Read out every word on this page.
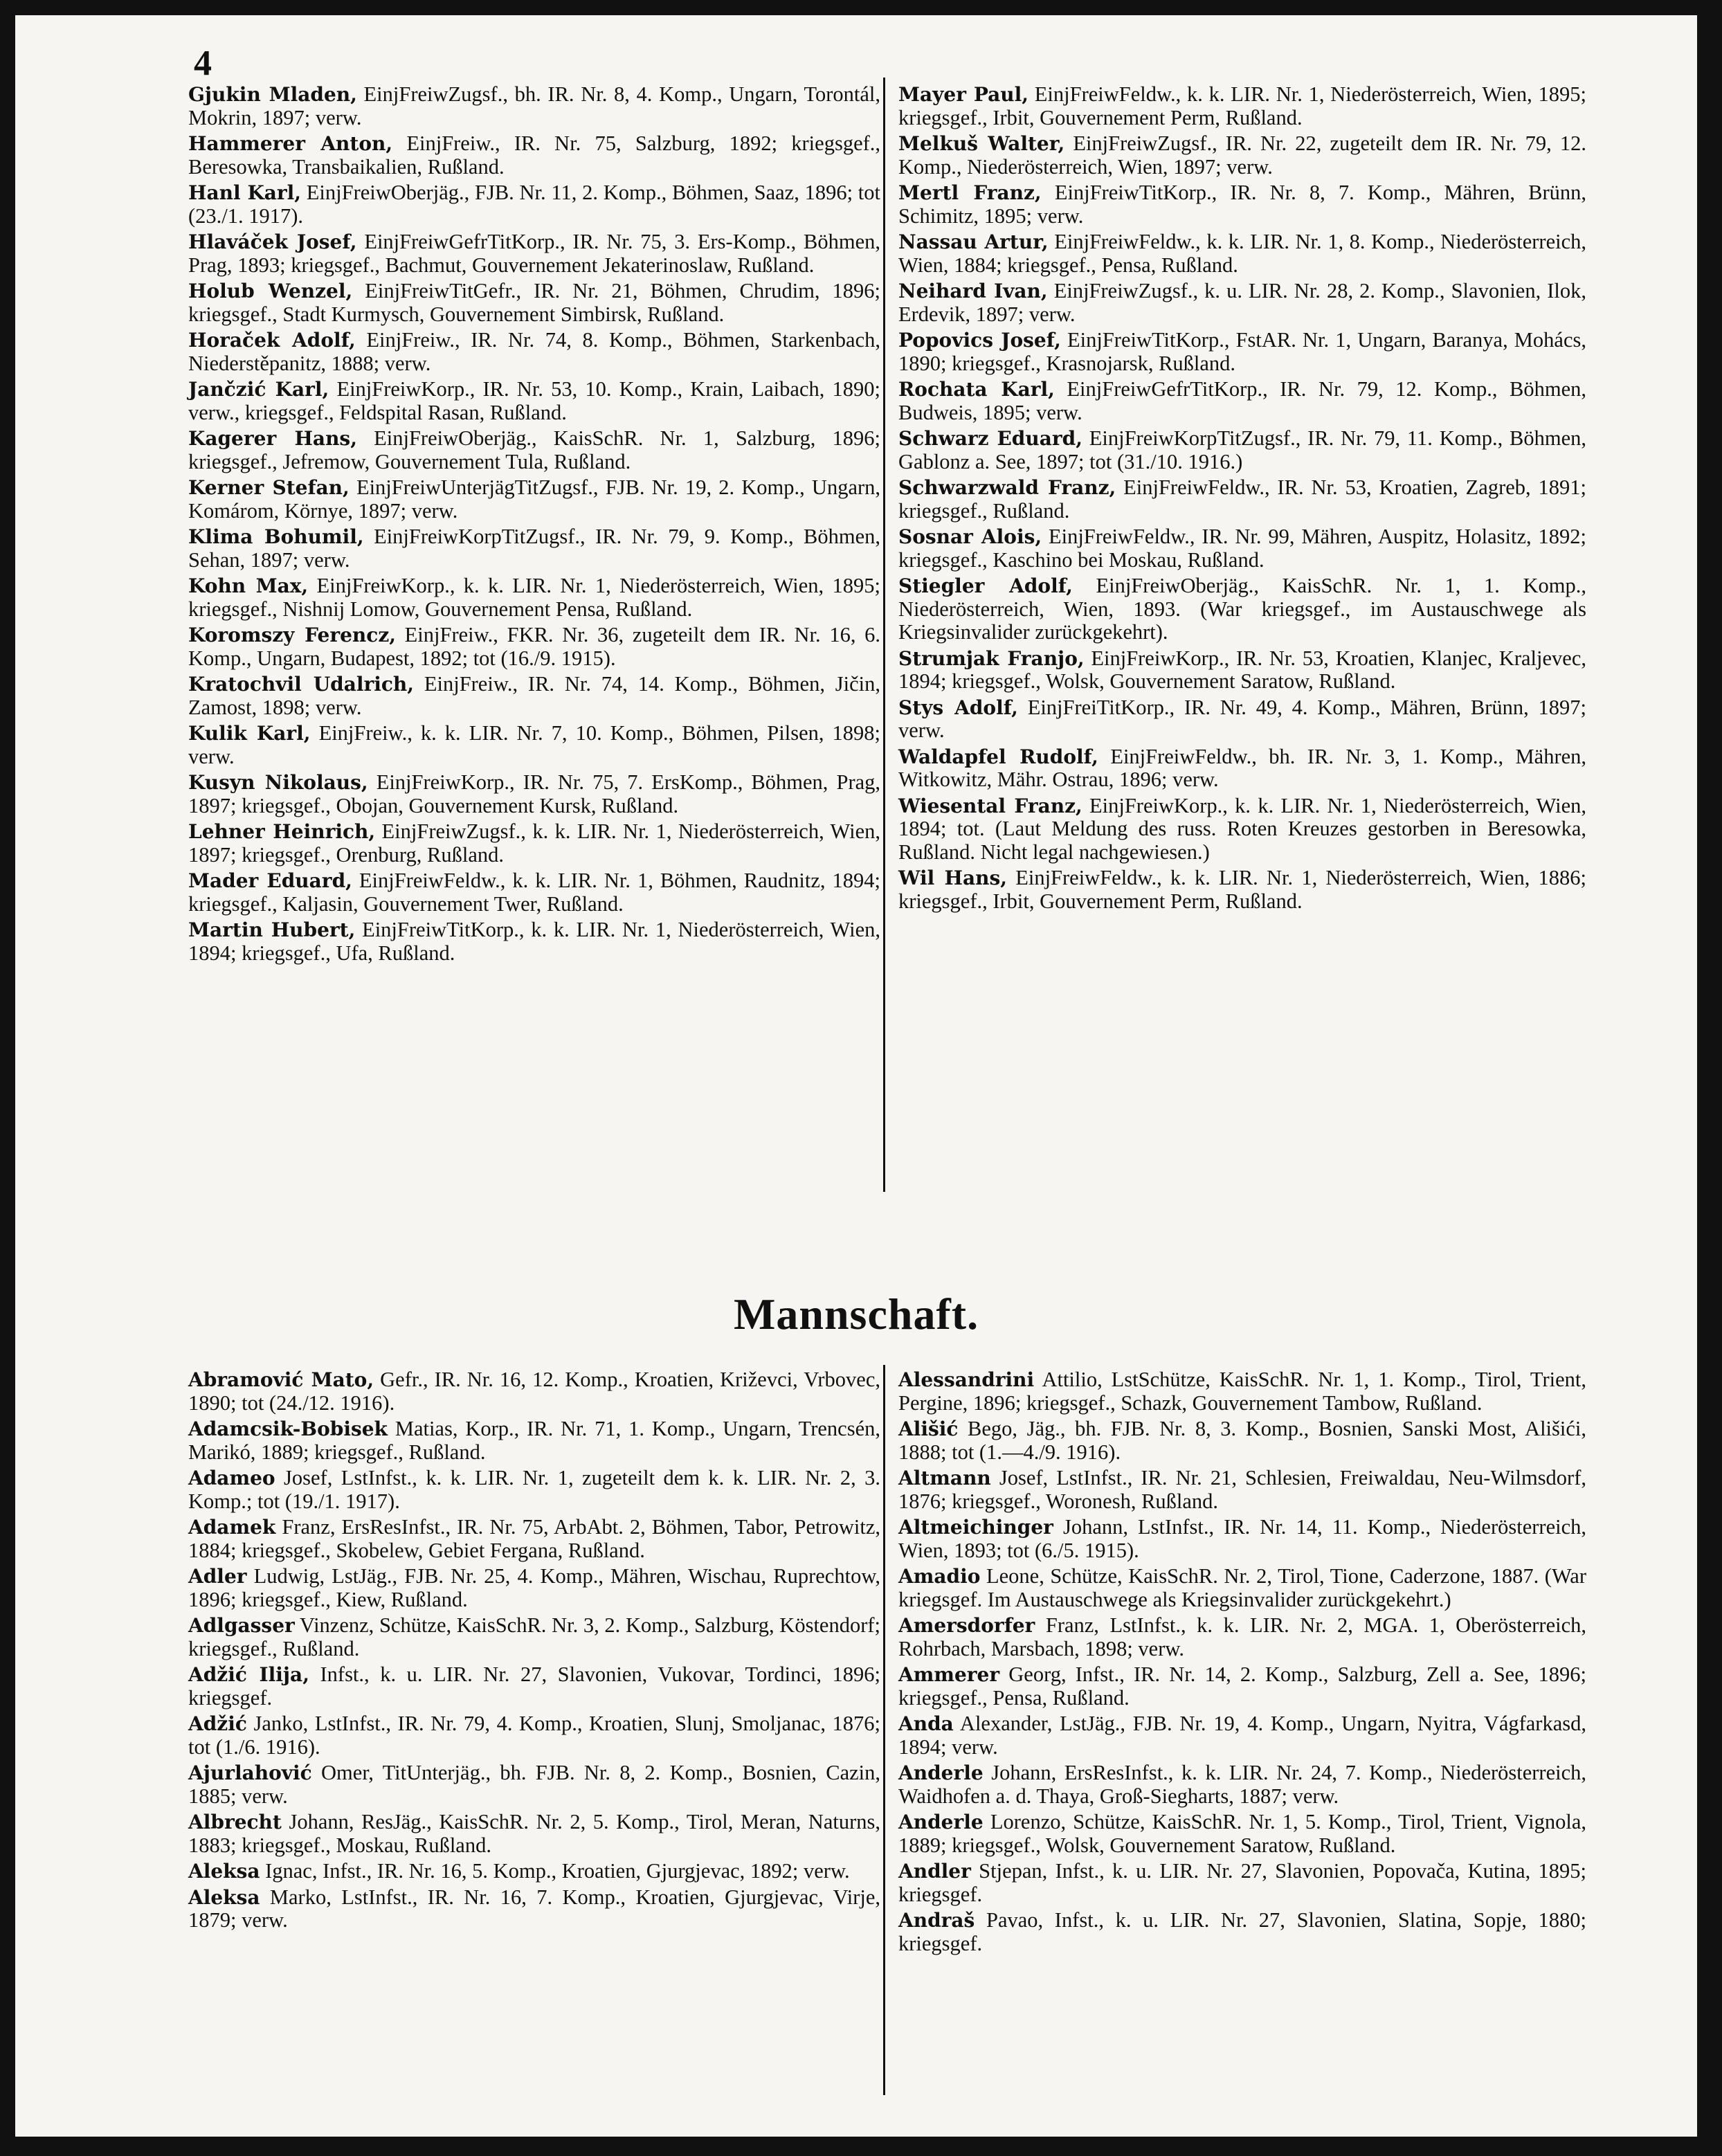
4
Gjukin Mladen, EinjFreiwZugsf., bh. IR. Nr. 8, 4. Komp., Ungarn, Torontál, Mokrin, 1897; verw.
Hammerer Anton, EinjFreiw., IR. Nr. 75, Salzburg, 1892; kriegsgef., Beresowka, Transbaikalien, Rußland.
Hanl Karl, EinjFreiwOberjäg., FJB. Nr. 11, 2. Komp., Böhmen, Saaz, 1896; tot (23./1. 1917).
Hlaváček Josef, EinjFreiwGefrTitKorp., IR. Nr. 75, 3. Ers-Komp., Böhmen, Prag, 1893; kriegsgef., Bachmut, Gouvernement Jekaterinoslaw, Rußland.
Holub Wenzel, EinjFreiwTitGefr., IR. Nr. 21, Böhmen, Chrudim, 1896; kriegsgef., Stadt Kurmysch, Gouvernement Simbirsk, Rußland.
Horaček Adolf, EinjFreiw., IR. Nr. 74, 8. Komp., Böhmen, Starkenbach, Niederstěpanitz, 1888; verw.
Jančzić Karl, EinjFreiwKorp., IR. Nr. 53, 10. Komp., Krain, Laibach, 1890; verw., kriegsgef., Feldspital Rasan, Rußland.
Kagerer Hans, EinjFreiwOberjäg., KaisSchR. Nr. 1, Salzburg, 1896; kriegsgef., Jefremow, Gouvernement Tula, Rußland.
Kerner Stefan, EinjFreiwUnterjägTitZugsf., FJB. Nr. 19, 2. Komp., Ungarn, Komárom, Környe, 1897; verw.
Klima Bohumil, EinjFreiwKorpTitZugsf., IR. Nr. 79, 9. Komp., Böhmen, Sehan, 1897; verw.
Kohn Max, EinjFreiwKorp., k. k. LIR. Nr. 1, Niederösterreich, Wien, 1895; kriegsgef., Nishnij Lomow, Gouvernement Pensa, Rußland.
Koromszy Ferencz, EinjFreiw., FKR. Nr. 36, zugeteilt dem IR. Nr. 16, 6. Komp., Ungarn, Budapest, 1892; tot (16./9. 1915).
Kratochvil Udalrich, EinjFreiw., IR. Nr. 74, 14. Komp., Böhmen, Jičin, Zamost, 1898; verw.
Kulik Karl, EinjFreiw., k. k. LIR. Nr. 7, 10. Komp., Böhmen, Pilsen, 1898; verw.
Kusyn Nikolaus, EinjFreiwKorp., IR. Nr. 75, 7. ErsKomp., Böhmen, Prag, 1897; kriegsgef., Obojan, Gouvernement Kursk, Rußland.
Lehner Heinrich, EinjFreiwZugsf., k. k. LIR. Nr. 1, Niederösterreich, Wien, 1897; kriegsgef., Orenburg, Rußland.
Mader Eduard, EinjFreiwFeldw., k. k. LIR. Nr. 1, Böhmen, Raudnitz, 1894; kriegsgef., Kaljasin, Gouvernement Twer, Rußland.
Martin Hubert, EinjFreiwTitKorp., k. k. LIR. Nr. 1, Niederösterreich, Wien, 1894; kriegsgef., Ufa, Rußland.
Mayer Paul, EinjFreiwFeldw., k. k. LIR. Nr. 1, Niederösterreich, Wien, 1895; kriegsgef., Irbit, Gouvernement Perm, Rußland.
Melkuš Walter, EinjFreiwZugsf., IR. Nr. 22, zugeteilt dem IR. Nr. 79, 12. Komp., Niederösterreich, Wien, 1897; verw.
Mertl Franz, EinjFreiwTitKorp., IR. Nr. 8, 7. Komp., Mähren, Brünn, Schimitz, 1895; verw.
Nassau Artur, EinjFreiwFeldw., k. k. LIR. Nr. 1, 8. Komp., Niederösterreich, Wien, 1884; kriegsgef., Pensa, Rußland.
Neihard Ivan, EinjFreiwZugsf., k. u. LIR. Nr. 28, 2. Komp., Slavonien, Ilok, Erdevik, 1897; verw.
Popovics Josef, EinjFreiwTitKorp., FstAR. Nr. 1, Ungarn, Baranya, Mohács, 1890; kriegsgef., Krasnojarsk, Rußland.
Rochata Karl, EinjFreiwGefrTitKorp., IR. Nr. 79, 12. Komp., Böhmen, Budweis, 1895; verw.
Schwarz Eduard, EinjFreiwKorpTitZugsf., IR. Nr. 79, 11. Komp., Böhmen, Gablonz a. See, 1897; tot (31./10. 1916.)
Schwarzwald Franz, EinjFreiwFeldw., IR. Nr. 53, Kroatien, Zagreb, 1891; kriegsgef., Rußland.
Sosnar Alois, EinjFreiwFeldw., IR. Nr. 99, Mähren, Auspitz, Holasitz, 1892; kriegsgef., Kaschino bei Moskau, Rußland.
Stiegler Adolf, EinjFreiwOberjäg., KaisSchR. Nr. 1, 1. Komp., Niederösterreich, Wien, 1893. (War kriegsgef., im Austauschwege als Kriegsinvalider zurückgekehrt).
Strumjak Franjo, EinjFreiwKorp., IR. Nr. 53, Kroatien, Klanjec, Kraljevec, 1894; kriegsgef., Wolsk, Gouvernement Saratow, Rußland.
Stys Adolf, EinjFreiTitKorp., IR. Nr. 49, 4. Komp., Mähren, Brünn, 1897; verw.
Waldapfel Rudolf, EinjFreiwFeldw., bh. IR. Nr. 3, 1. Komp., Mähren, Witkowitz, Mähr. Ostrau, 1896; verw.
Wiesental Franz, EinjFreiwKorp., k. k. LIR. Nr. 1, Niederösterreich, Wien, 1894; tot. (Laut Meldung des russ. Roten Kreuzes gestorben in Beresowka, Rußland. Nicht legal nachgewiesen.)
Wil Hans, EinjFreiwFeldw., k. k. LIR. Nr. 1, Niederösterreich, Wien, 1886; kriegsgef., Irbit, Gouvernement Perm, Rußland.
Mannschaft.
Abramović Mato, Gefr., IR. Nr. 16, 12. Komp., Kroatien, Križevci, Vrbovec, 1890; tot (24./12. 1916).
Adamcsik-Bobisek Matias, Korp., IR. Nr. 71, 1. Komp., Ungarn, Trencsén, Marikó, 1889; kriegsgef., Rußland.
Adameo Josef, LstInfst., k. k. LIR. Nr. 1, zugeteilt dem k. k. LIR. Nr. 2, 3. Komp.; tot (19./1. 1917).
Adamek Franz, ErsResInfst., IR. Nr. 75, ArbAbt. 2, Böhmen, Tabor, Petrowitz, 1884; kriegsgef., Skobelew, Gebiet Fergana, Rußland.
Adler Ludwig, LstJäg., FJB. Nr. 25, 4. Komp., Mähren, Wischau, Ruprechtow, 1896; kriegsgef., Kiew, Rußland.
Adlgasser Vinzenz, Schütze, KaisSchR. Nr. 3, 2. Komp., Salzburg, Köstendorf; kriegsgef., Rußland.
Adžić Ilija, Infst., k. u. LIR. Nr. 27, Slavonien, Vukovar, Tordinci, 1896; kriegsgef.
Adžić Janko, LstInfst., IR. Nr. 79, 4. Komp., Kroatien, Slunj, Smoljanac, 1876; tot (1./6. 1916).
Ajurlahović Omer, TitUnterjäg., bh. FJB. Nr. 8, 2. Komp., Bosnien, Cazin, 1885; verw.
Albrecht Johann, ResJäg., KaisSchR. Nr. 2, 5. Komp., Tirol, Meran, Naturns, 1883; kriegsgef., Moskau, Rußland.
Aleksa Ignac, Infst., IR. Nr. 16, 5. Komp., Kroatien, Gjurgjevac, 1892; verw.
Aleksa Marko, LstInfst., IR. Nr. 16, 7. Komp., Kroatien, Gjurgjevac, Virje, 1879; verw.
Alessandrini Attilio, LstSchütze, KaisSchR. Nr. 1, 1. Komp., Tirol, Trient, Pergine, 1896; kriegsgef., Schazk, Gouvernement Tambow, Rußland.
Ališić Bego, Jäg., bh. FJB. Nr. 8, 3. Komp., Bosnien, Sanski Most, Ališići, 1888; tot (1.—4./9. 1916).
Altmann Josef, LstInfst., IR. Nr. 21, Schlesien, Freiwaldau, Neu-Wilmsdorf, 1876; kriegsgef., Woronesh, Rußland.
Altmeichinger Johann, LstInfst., IR. Nr. 14, 11. Komp., Niederösterreich, Wien, 1893; tot (6./5. 1915).
Amadio Leone, Schütze, KaisSchR. Nr. 2, Tirol, Tione, Caderzone, 1887. (War kriegsgef. Im Austauschwege als Kriegsinvalider zurückgekehrt.)
Amersdorfer Franz, LstInfst., k. k. LIR. Nr. 2, MGA. 1, Oberösterreich, Rohrbach, Marsbach, 1898; verw.
Ammerer Georg, Infst., IR. Nr. 14, 2. Komp., Salzburg, Zell a. See, 1896; kriegsgef., Pensa, Rußland.
Anda Alexander, LstJäg., FJB. Nr. 19, 4. Komp., Ungarn, Nyitra, Vágfarkasd, 1894; verw.
Anderle Johann, ErsResInfst., k. k. LIR. Nr. 24, 7. Komp., Niederösterreich, Waidhofen a. d. Thaya, Groß-Siegharts, 1887; verw.
Anderle Lorenzo, Schütze, KaisSchR. Nr. 1, 5. Komp., Tirol, Trient, Vignola, 1889; kriegsgef., Wolsk, Gouvernement Saratow, Rußland.
Andler Stjepan, Infst., k. u. LIR. Nr. 27, Slavonien, Popovača, Kutina, 1895; kriegsgef.
Andraš Pavao, Infst., k. u. LIR. Nr. 27, Slavonien, Slatina, Sopje, 1880; kriegsgef.
